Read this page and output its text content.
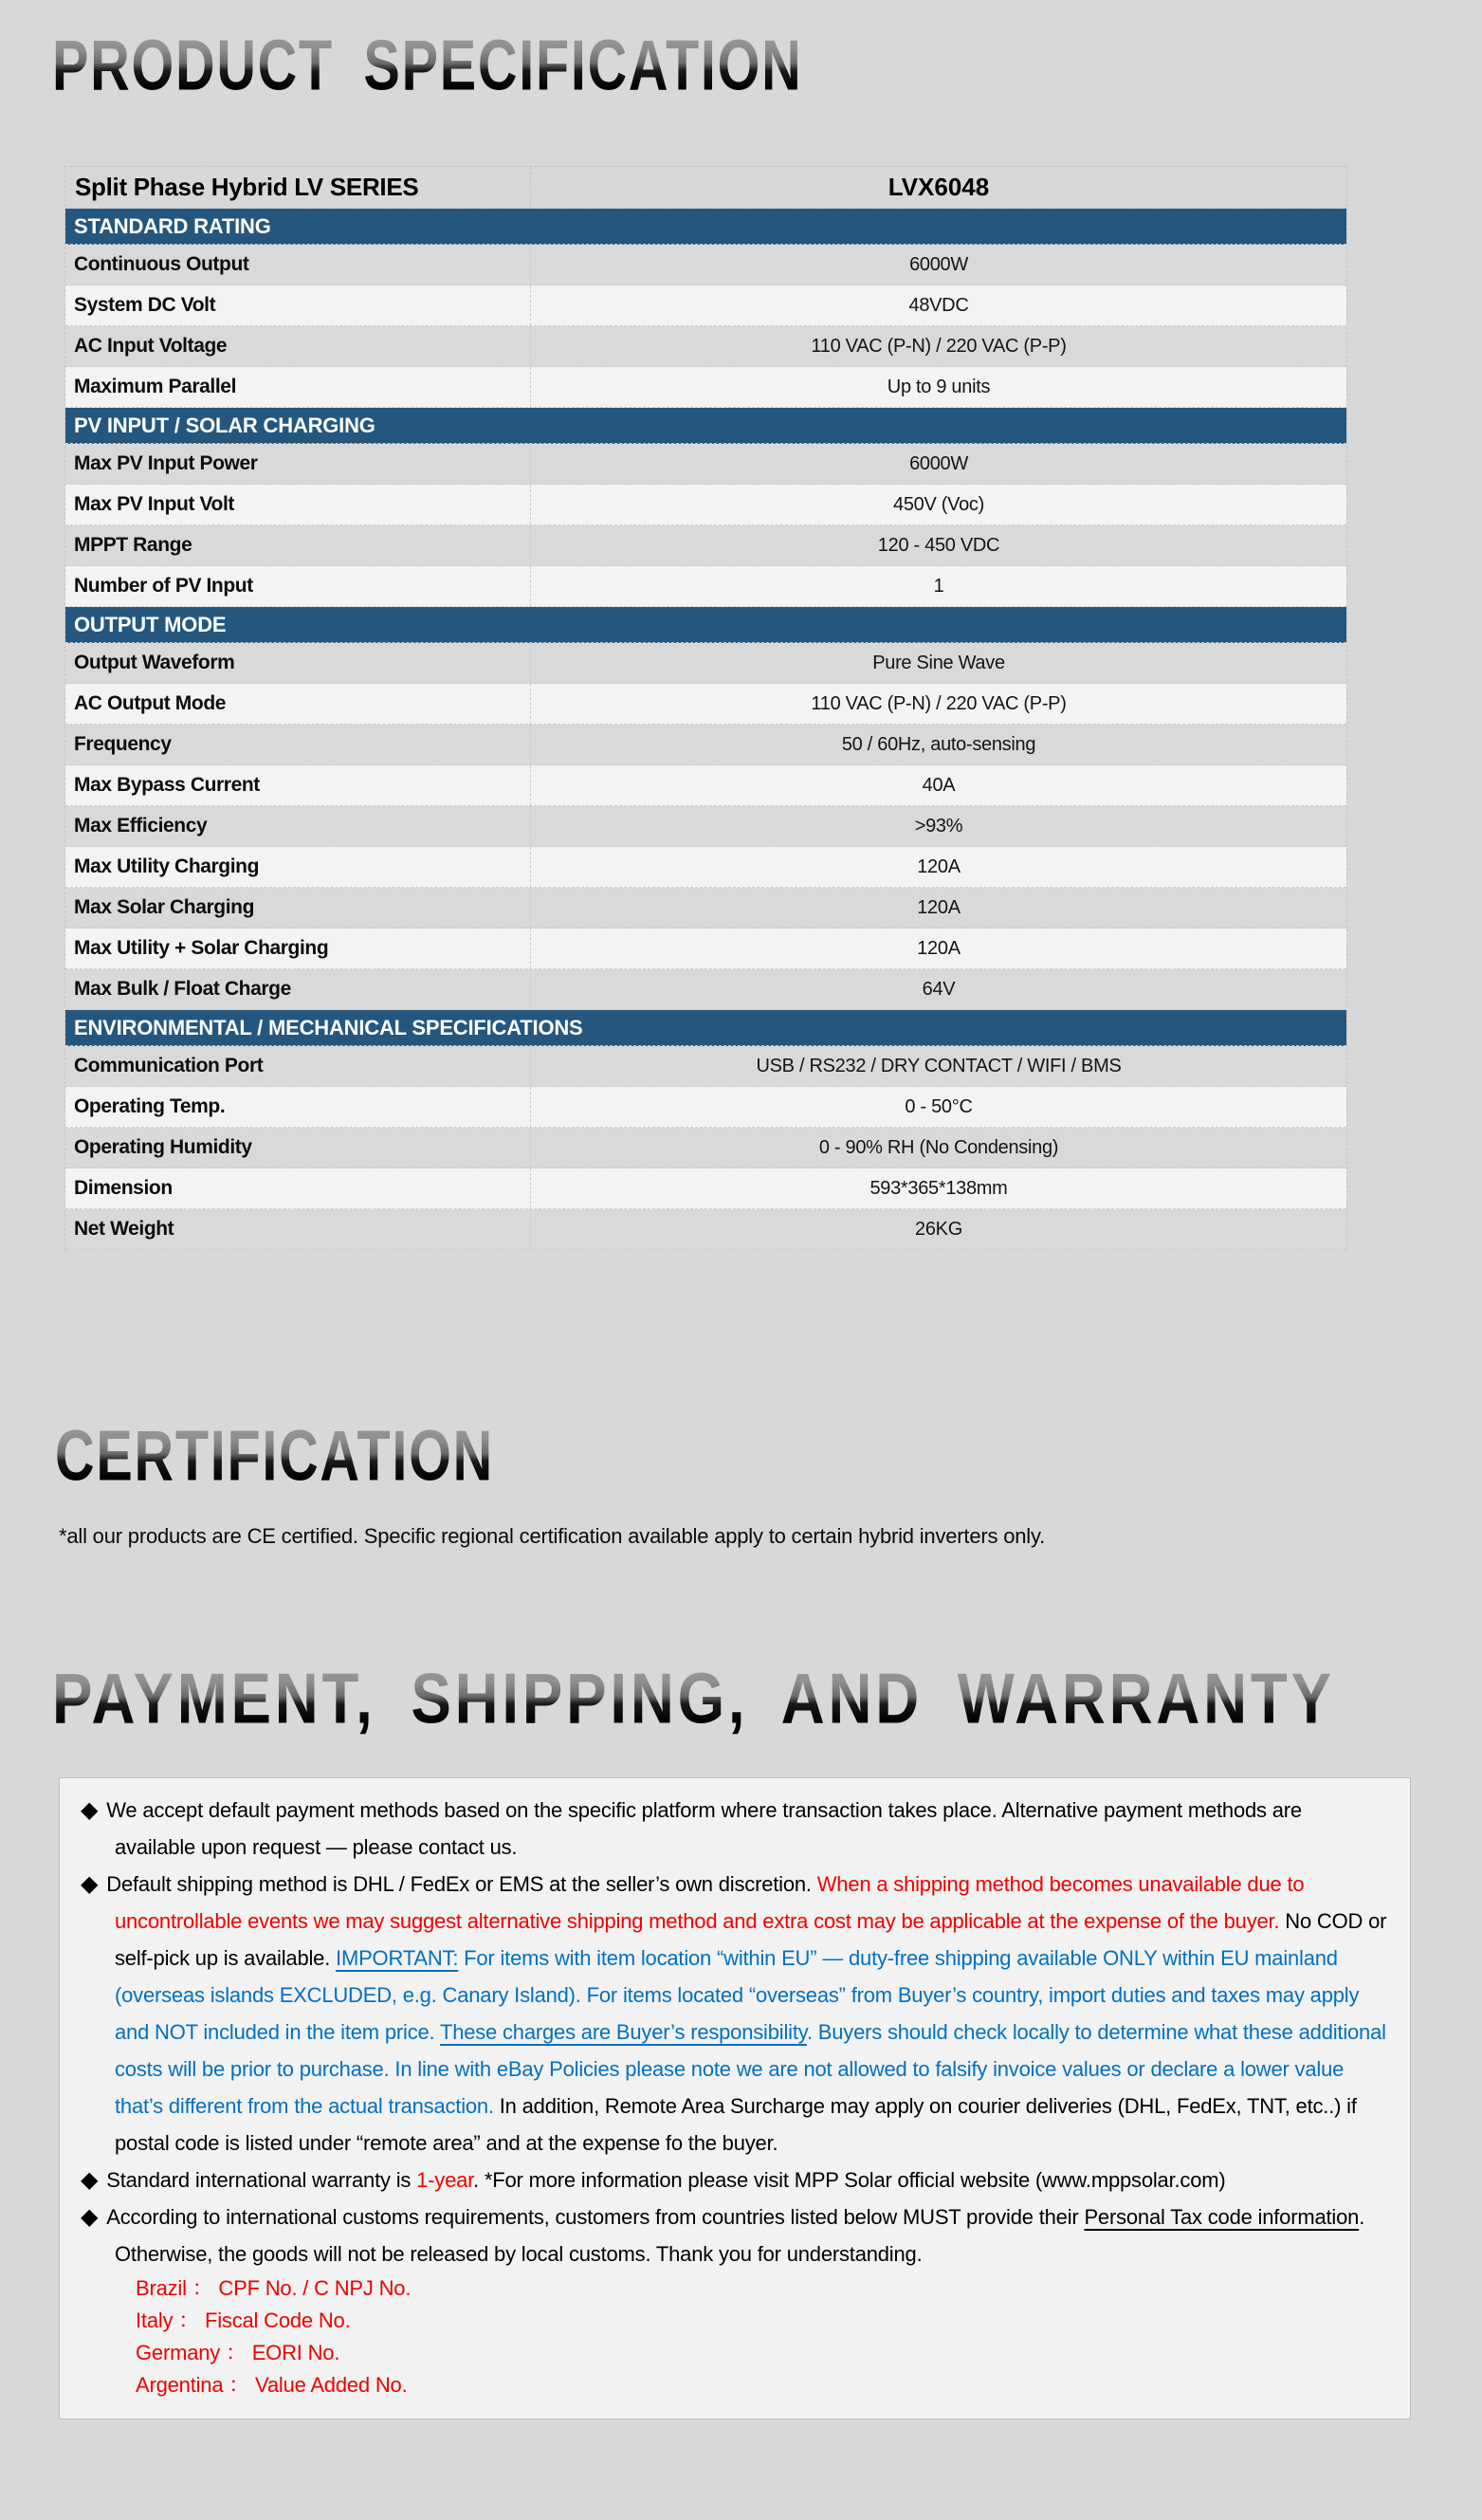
PRODUCT SPECIFICATION
Split Phase Hybrid LV SERIES	LVX6048
STANDARD RATING
Continuous Output	6000W
System DC Volt	48VDC
AC Input Voltage	110 VAC (P-N) / 220 VAC (P-P)
Maximum Parallel	Up to 9 units
PV INPUT / SOLAR CHARGING
Max PV Input Power	6000W
Max PV Input Volt	450V (Voc)
MPPT Range	120 - 450 VDC
Number of PV Input	1
OUTPUT MODE
Output Waveform	Pure Sine Wave
AC Output Mode	110 VAC (P-N) / 220 VAC (P-P)
Frequency	50 / 60Hz, auto-sensing
Max Bypass Current	40A
Max Efficiency	>93%
Max Utility Charging	120A
Max Solar Charging	120A
Max Utility + Solar Charging	120A
Max Bulk / Float Charge	64V
ENVIRONMENTAL / MECHANICAL SPECIFICATIONS
Communication Port	USB / RS232 / DRY CONTACT / WIFI / BMS
Operating Temp.	0 - 50°C
Operating Humidity	0 - 90% RH (No Condensing)
Dimension	593*365*138mm
Net Weight	26KG
CERTIFICATION

*all our products are CE certified. Specific regional certification available apply to certain hybrid inverters only.

PAYMENT, SHIPPING, AND WARRANTY

◆ We accept default payment methods based on the specific platform where transaction takes place. Alternative payment methods are available upon request — please contact us.

◆ Default shipping method is DHL / FedEx or EMS at the seller’s own discretion. When a shipping method becomes unavailable due to uncontrollable events we may suggest alternative shipping method and extra cost may be applicable at the expense of the buyer. No COD or self-pick up is available. IMPORTANT: For items with item location “within EU” — duty-free shipping available ONLY within EU mainland (overseas islands EXCLUDED, e.g. Canary Island). For items located “overseas” from Buyer’s country, import duties and taxes may apply and NOT included in the item price. These charges are Buyer’s responsibility. Buyers should check locally to determine what these additional costs will be prior to purchase. In line with eBay Policies please note we are not allowed to falsify invoice values or declare a lower value that’s different from the actual transaction. In addition, Remote Area Surcharge may apply on courier deliveries (DHL, FedEx, TNT, etc..) if postal code is listed under “remote area” and at the expense fo the buyer.

◆ Standard international warranty is 1-year. *For more information please visit MPP Solar official website (www.mppsolar.com)

◆ According to international customs requirements, customers from countries listed below MUST provide their Personal Tax code information. Otherwise, the goods will not be released by local customs. Thank you for understanding.

Brazil ： CPF No. / C NPJ No.
Italy ： Fiscal Code No.
Germany ： EORI No.
Argentina ： Value Added No.
